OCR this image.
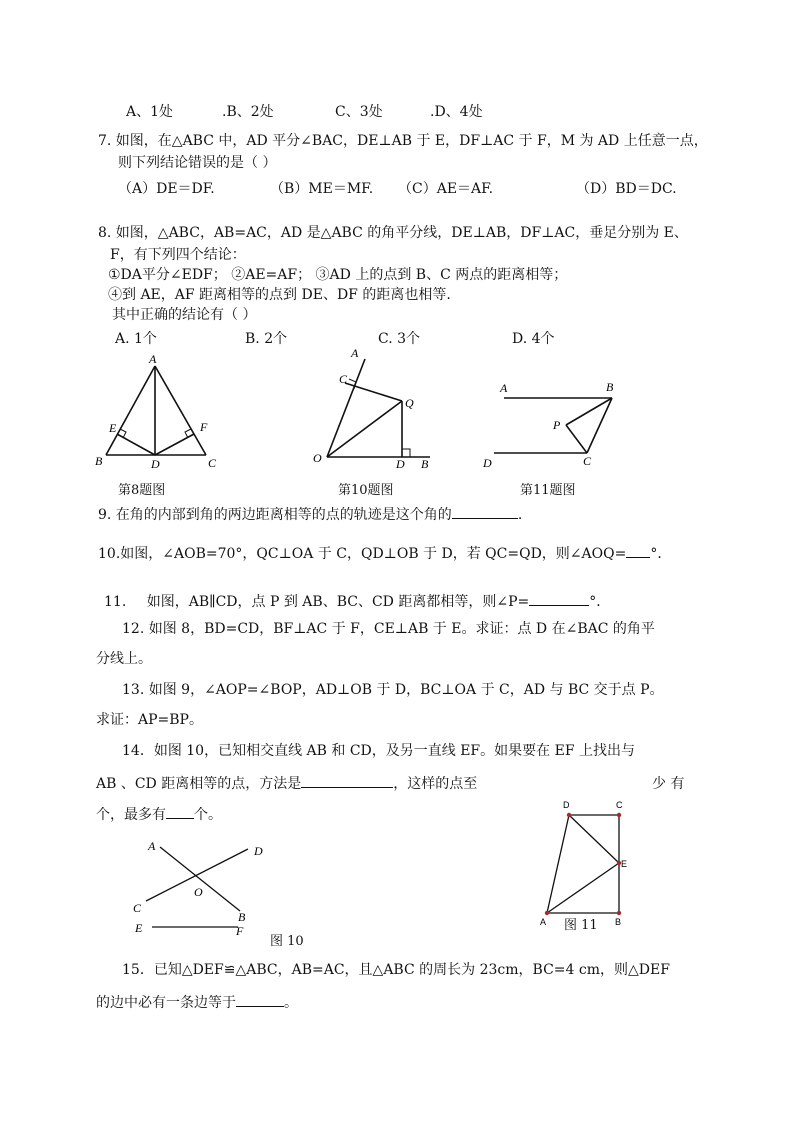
A、1处	.B、2处	C、3处	.D、4处
7. 如图，在△ABC 中，AD 平分∠BAC，DE⊥AB 于 E，DF⊥AC 于 F，M 为 AD 上任意一点，
则下列结论错误的是（ ）
（A）DE＝DF.	（B）ME＝MF. （C）AE＝AF.	（D）BD＝DC.
8. 如图，△ABC，AB=AC，AD 是△ABC 的角平分线，DE⊥AB，DF⊥AC，垂足分别为 E、
F，有下列四个结论：
①DA平分∠EDF； ②AE=AF； ③AD 上的点到 B、C 两点的距离相等；
④到 AE，AF 距离相等的点到 DE、DF 的距离也相等.
其中正确的结论有（ ）
A. 1个	B. 2个	C. 3个	D. 4个
A
E	F
B	D	C
第8题图
A
C
Q
O	D B
第10题图
A	B
P
D	C
第11题图
9. 在角的内部到角的两边距离相等的点的轨迹是这个角的	.
10.如图，∠AOB=70°，QC⊥OA 于 C，QD⊥OB 于 D，若 QC=QD，则∠AOQ= °．
11. 如图，AB∥CD，点 P 到 AB、BC、CD 距离都相等，则∠P=	°．
12. 如图 8，BD=CD，BF⊥AC 于 F，CE⊥AB 于 E。求证：点 D 在∠BAC 的角平
分线上。
13. 如图 9，∠AOP=∠BOP，AD⊥OB 于 D，BC⊥OA 于 C，AD 与 BC 交于点 P。
求证：AP=BP。
14．如图 10，已知相交直线 AB 和 CD，及另一直线 EF。如果要在 EF 上找出与
AB 、CD 距离相等的点，方法是	，这样的点至	少 有
个，最多有 个。
A	D
O
C
B
E	F
图 10
D	C
E
A	B
图 11
15．已知△DEF≌△ABC，AB=AC，且△ABC 的周长为 23cm，BC=4 cm，则△DEF
的边中必有一条边等于	。
